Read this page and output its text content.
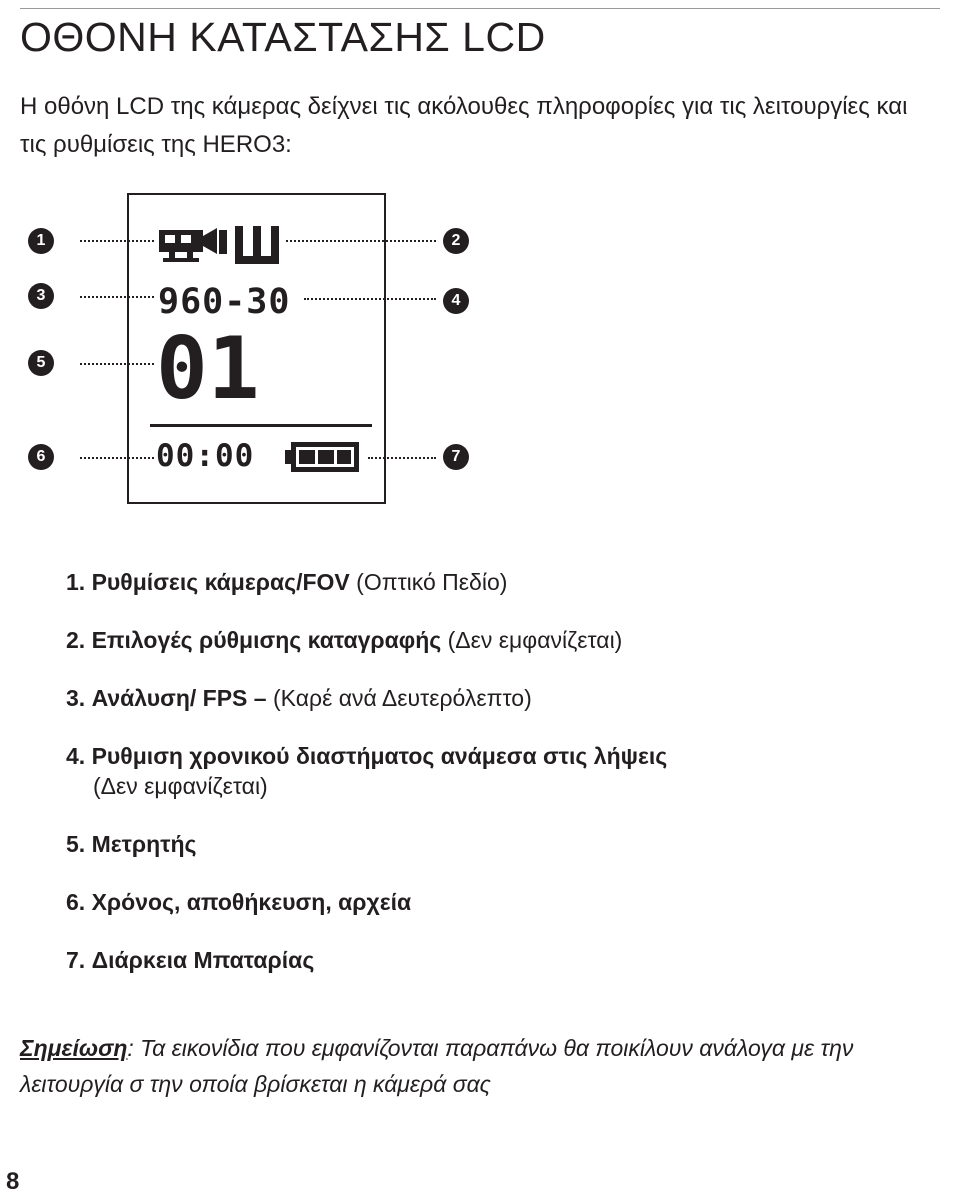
ΟΘΟΝΗ ΚΑΤΑΣΤΑΣΗΣ LCD

Η οθόνη LCD της κάμερας δείχνει τις ακόλουθες πληροφορίες για τις λειτουργίες και τις ρυθμίσεις της HERO3:

960-30
01
00:00
1	2
3	4
5
6	7

1. Ρυθμίσεις κάμερας/FOV (Οπτικό Πεδίο)

2. Επιλογές ρύθμισης καταγραφής (Δεν εμφανίζεται)

3. Ανάλυση/ FPS – (Καρέ ανά Δευτερόλεπτο)

4. Ρυθμιση χρονικού διαστήματος ανάμεσα στις λήψεις
(Δεν εμφανίζεται)

5. Μετρητής

6. Χρόνος, αποθήκευση, αρχεία

7. Διάρκεια Μπαταρίας

Σημείωση: Τα εικονίδια που εμφανίζονται παραπάνω θα ποικίλουν ανάλογα με την λειτουργία σ την οποία βρίσκεται η κάμερά σας

8
